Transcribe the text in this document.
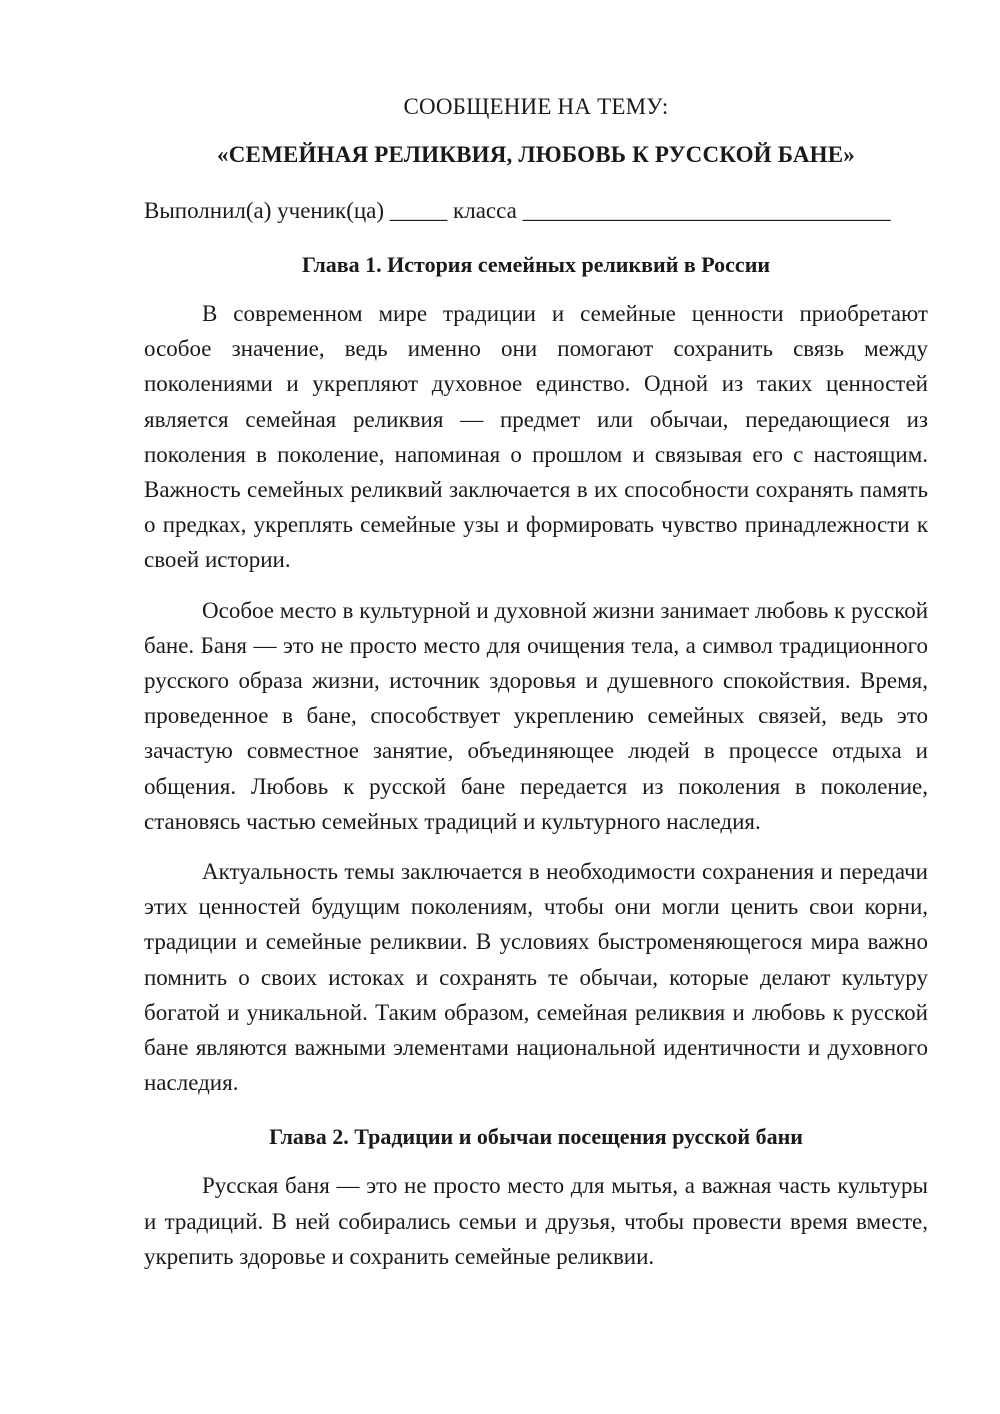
СООБЩЕНИЕ НА ТЕМУ:

«СЕМЕЙНАЯ РЕЛИКВИЯ, ЛЮБОВЬ К РУССКОЙ БАНЕ»

Выполнил(а) ученик(ца) _____ класса ________________________________

Глава 1. История семейных реликвий в России

В современном мире традиции и семейные ценности приобретают особое значение, ведь именно они помогают сохранить связь между поколениями и укрепляют духовное единство. Одной из таких ценностей является семейная реликвия — предмет или обычаи, передающиеся из поколения в поколение, напоминая о прошлом и связывая его с настоящим. Важность семейных реликвий заключается в их способности сохранять память о предках, укреплять семейные узы и формировать чувство принадлежности к своей истории.

Особое место в культурной и духовной жизни занимает любовь к русской бане. Баня — это не просто место для очищения тела, а символ традиционного русского образа жизни, источник здоровья и душевного спокойствия. Время, проведенное в бане, способствует укреплению семейных связей, ведь это зачастую совместное занятие, объединяющее людей в процессе отдыха и общения. Любовь к русской бане передается из поколения в поколение, становясь частью семейных традиций и культурного наследия.

Актуальность темы заключается в необходимости сохранения и передачи этих ценностей будущим поколениям, чтобы они могли ценить свои корни, традиции и семейные реликвии. В условиях быстроменяющегося мира важно помнить о своих истоках и сохранять те обычаи, которые делают культуру богатой и уникальной. Таким образом, семейная реликвия и любовь к русской бане являются важными элементами национальной идентичности и духовного наследия.

Глава 2. Традиции и обычаи посещения русской бани

Русская баня — это не просто место для мытья, а важная часть культуры и традиций. В ней собирались семьи и друзья, чтобы провести время вместе, укрепить здоровье и сохранить семейные реликвии.
